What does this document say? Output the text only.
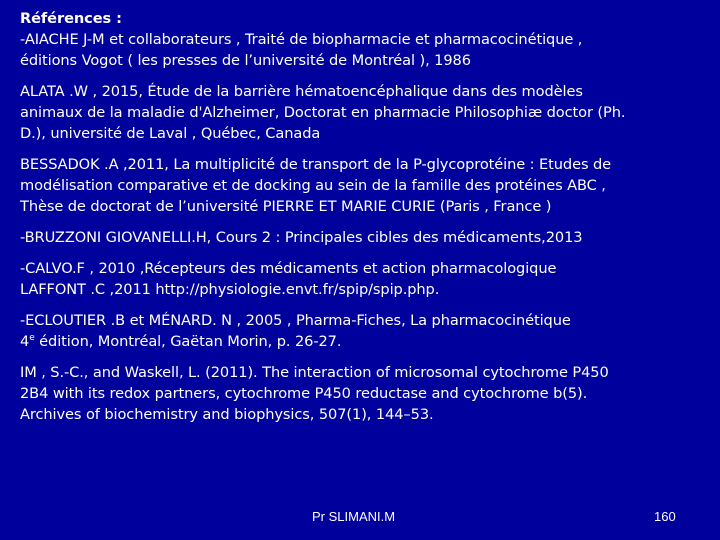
Références :
-AIACHE J-M et collaborateurs , Traité de biopharmacie et pharmacocinétique ,
éditions Vogot ( les presses de l’université de Montréal ), 1986
ALATA .W , 2015, Étude de la barrière hématoencéphalique dans des modèles
animaux de la maladie d'Alzheimer, Doctorat en pharmacie Philosophiæ doctor (Ph.
D.), université de Laval , Québec, Canada
BESSADOK .A ,2011, La multiplicité de transport de la P-glycoprotéine : Etudes de
modélisation comparative et de docking au sein de la famille des protéines ABC ,
Thèse de doctorat de l’université PIERRE ET MARIE CURIE (Paris , France )
-BRUZZONI GIOVANELLI.H, Cours 2 : Principales cibles des médicaments,2013
-CALVO.F , 2010 ,Récepteurs des médicaments et action pharmacologique
LAFFONT .C ,2011 http://physiologie.envt.fr/spip/spip.php.
-ECLOUTIER .B et MÉNARD. N , 2005 , Pharma-Fiches, La pharmacocinétique
4e édition, Montréal, Gaëtan Morin, p. 26-27.
IM , S.-C., and Waskell, L. (2011). The interaction of microsomal cytochrome P450
2B4 with its redox partners, cytochrome P450 reductase and cytochrome b(5).
Archives of biochemistry and biophysics, 507(1), 144–53.
Pr SLIMANI.M	160
